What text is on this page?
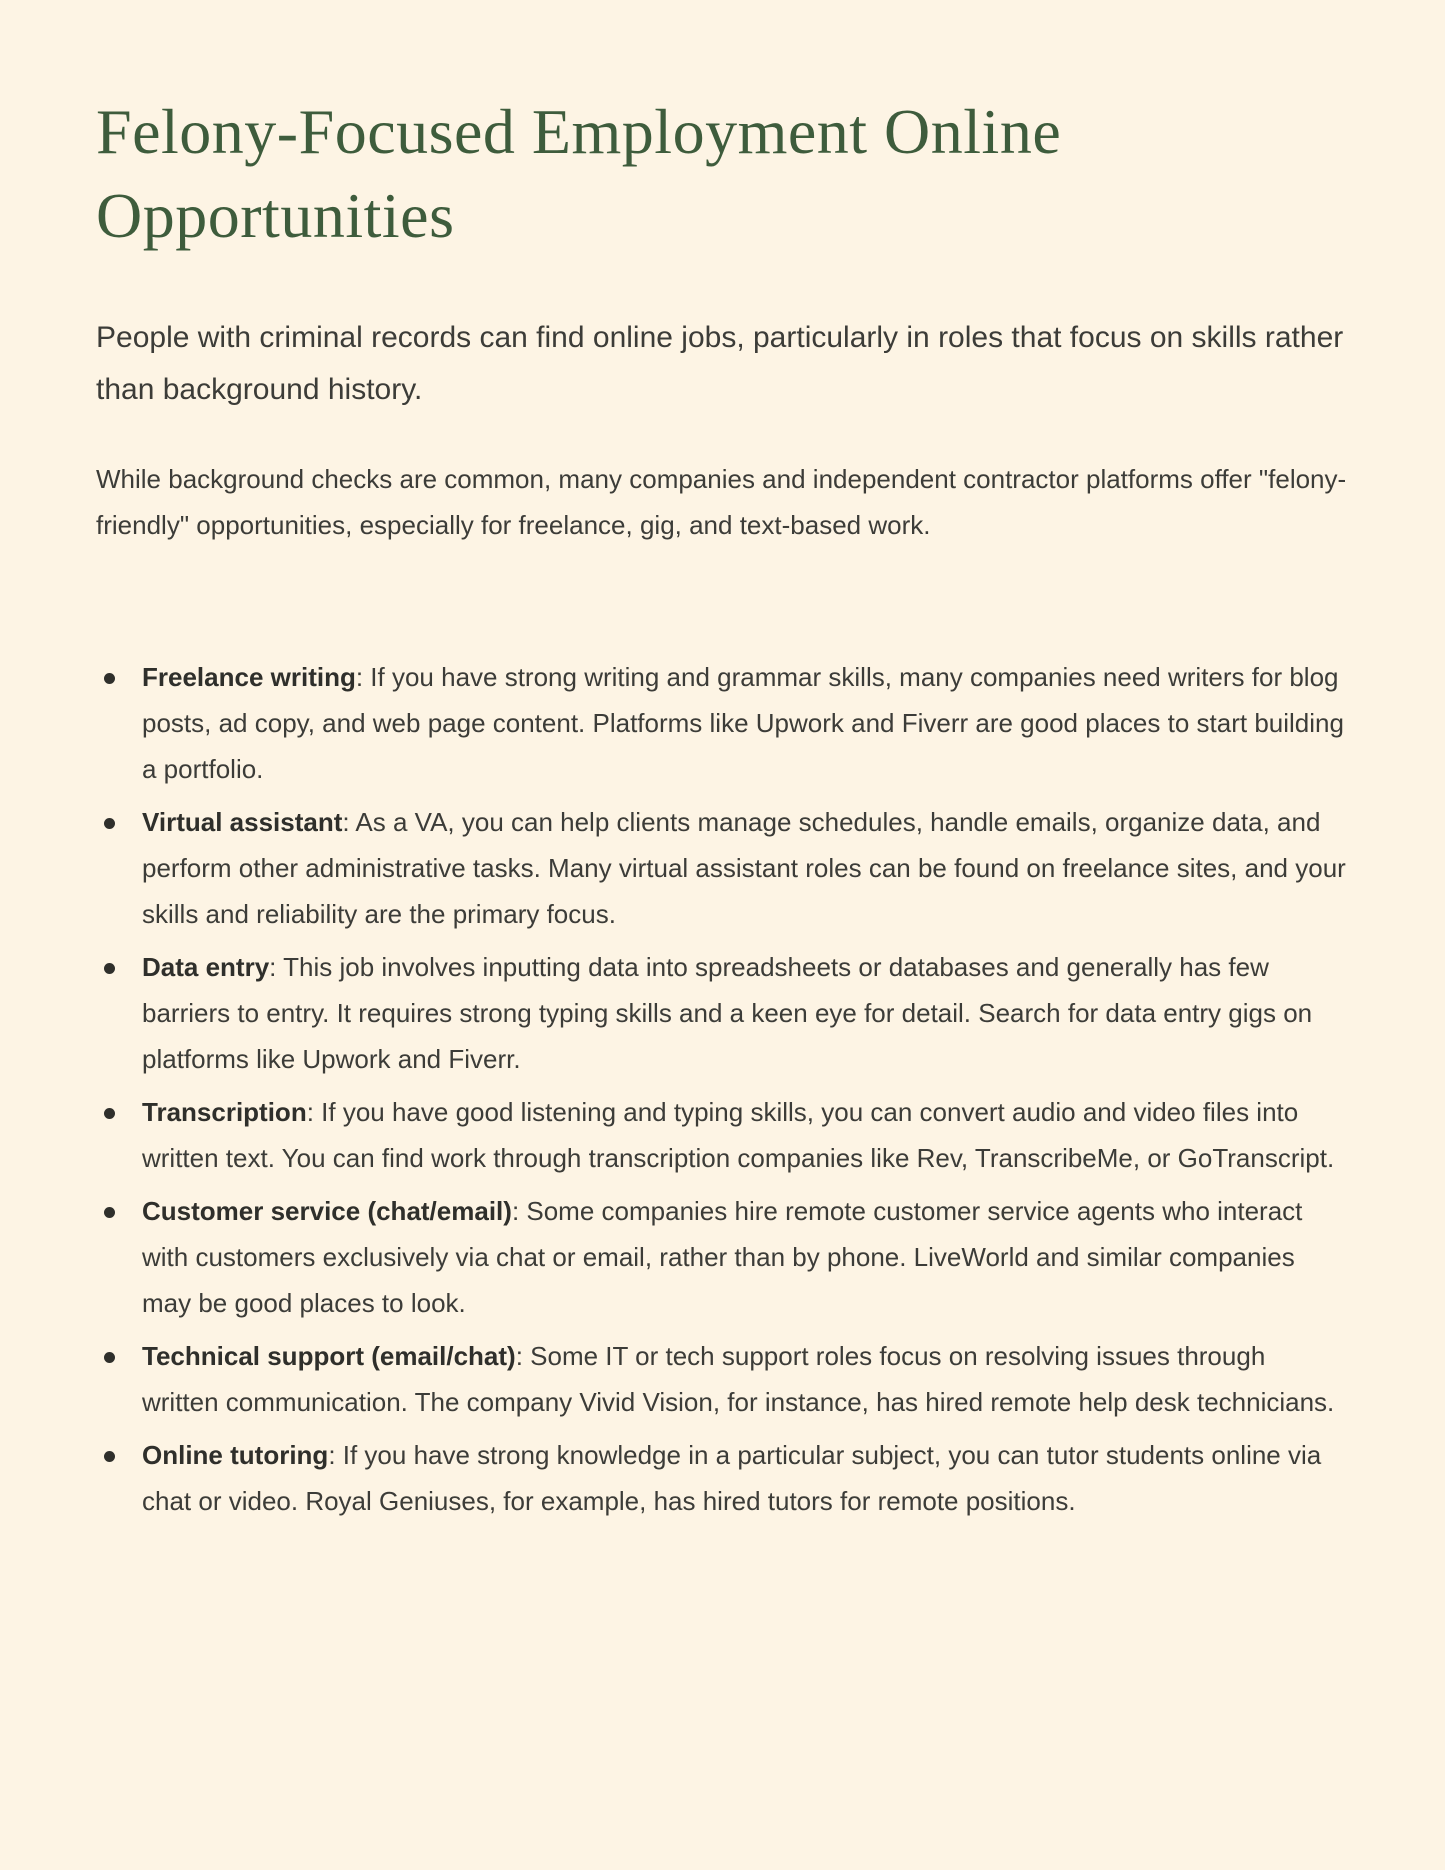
Felony-Focused Employment Online Opportunities

People with criminal records can find online jobs, particularly in roles that focus on skills rather than background history.

While background checks are common, many companies and independent contractor platforms offer "felony-friendly" opportunities, especially for freelance, gig, and text-based work.

Freelance writing: If you have strong writing and grammar skills, many companies need writers for blog posts, ad copy, and web page content. Platforms like Upwork and Fiverr are good places to start building a portfolio.
Virtual assistant: As a VA, you can help clients manage schedules, handle emails, organize data, and perform other administrative tasks. Many virtual assistant roles can be found on freelance sites, and your skills and reliability are the primary focus.
Data entry: This job involves inputting data into spreadsheets or databases and generally has few barriers to entry. It requires strong typing skills and a keen eye for detail. Search for data entry gigs on platforms like Upwork and Fiverr.
Transcription: If you have good listening and typing skills, you can convert audio and video files into written text. You can find work through transcription companies like Rev, TranscribeMe, or GoTranscript.
Customer service (chat/email): Some companies hire remote customer service agents who interact with customers exclusively via chat or email, rather than by phone. LiveWorld and similar companies may be good places to look.
Technical support (email/chat): Some IT or tech support roles focus on resolving issues through written communication. The company Vivid Vision, for instance, has hired remote help desk technicians.
Online tutoring: If you have strong knowledge in a particular subject, you can tutor students online via chat or video. Royal Geniuses, for example, has hired tutors for remote positions.
